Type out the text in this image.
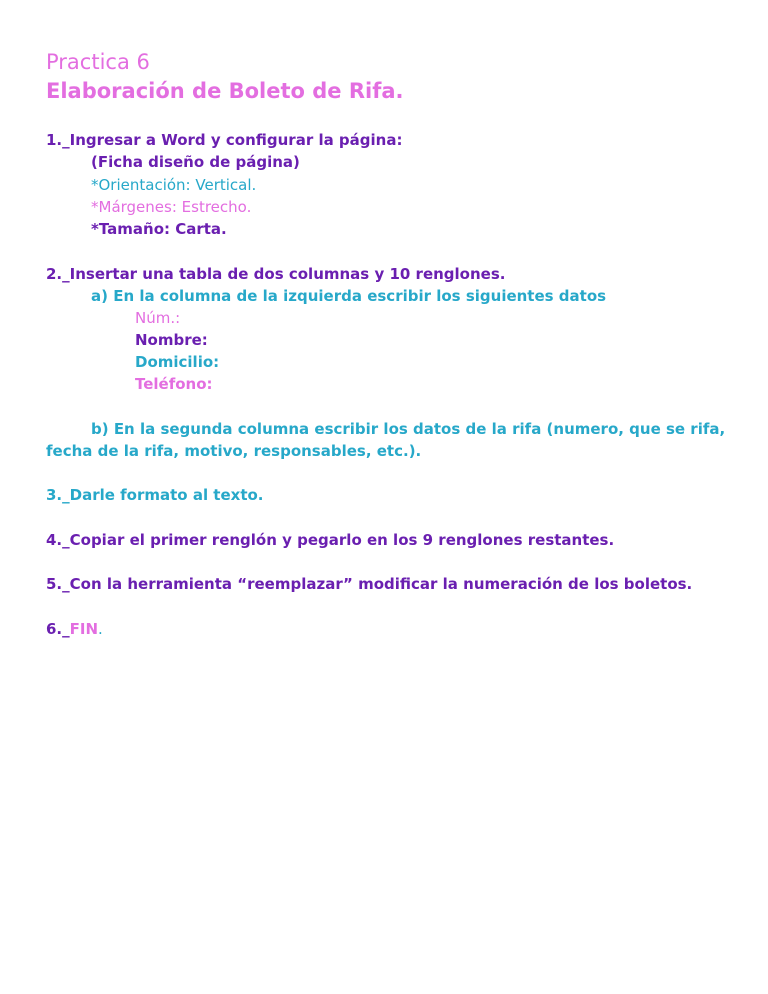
Practica 6
Elaboración de Boleto de Rifa.
1._Ingresar a Word y configurar la página:
(Ficha diseño de página)
*Orientación: Vertical.
*Márgenes: Estrecho.
*Tamaño: Carta.
2._Insertar una tabla de dos columnas y 10 renglones.
a) En la columna de la izquierda escribir los siguientes datos
Núm.:
Nombre:
Domicilio:
Teléfono:
b) En la segunda columna escribir los datos de la rifa (numero, que se rifa,
fecha de la rifa, motivo, responsables, etc.).
3._Darle formato al texto.
4._Copiar el primer renglón y pegarlo en los 9 renglones restantes.
5._Con la herramienta “reemplazar” modificar la numeración de los boletos.
6._FIN.
